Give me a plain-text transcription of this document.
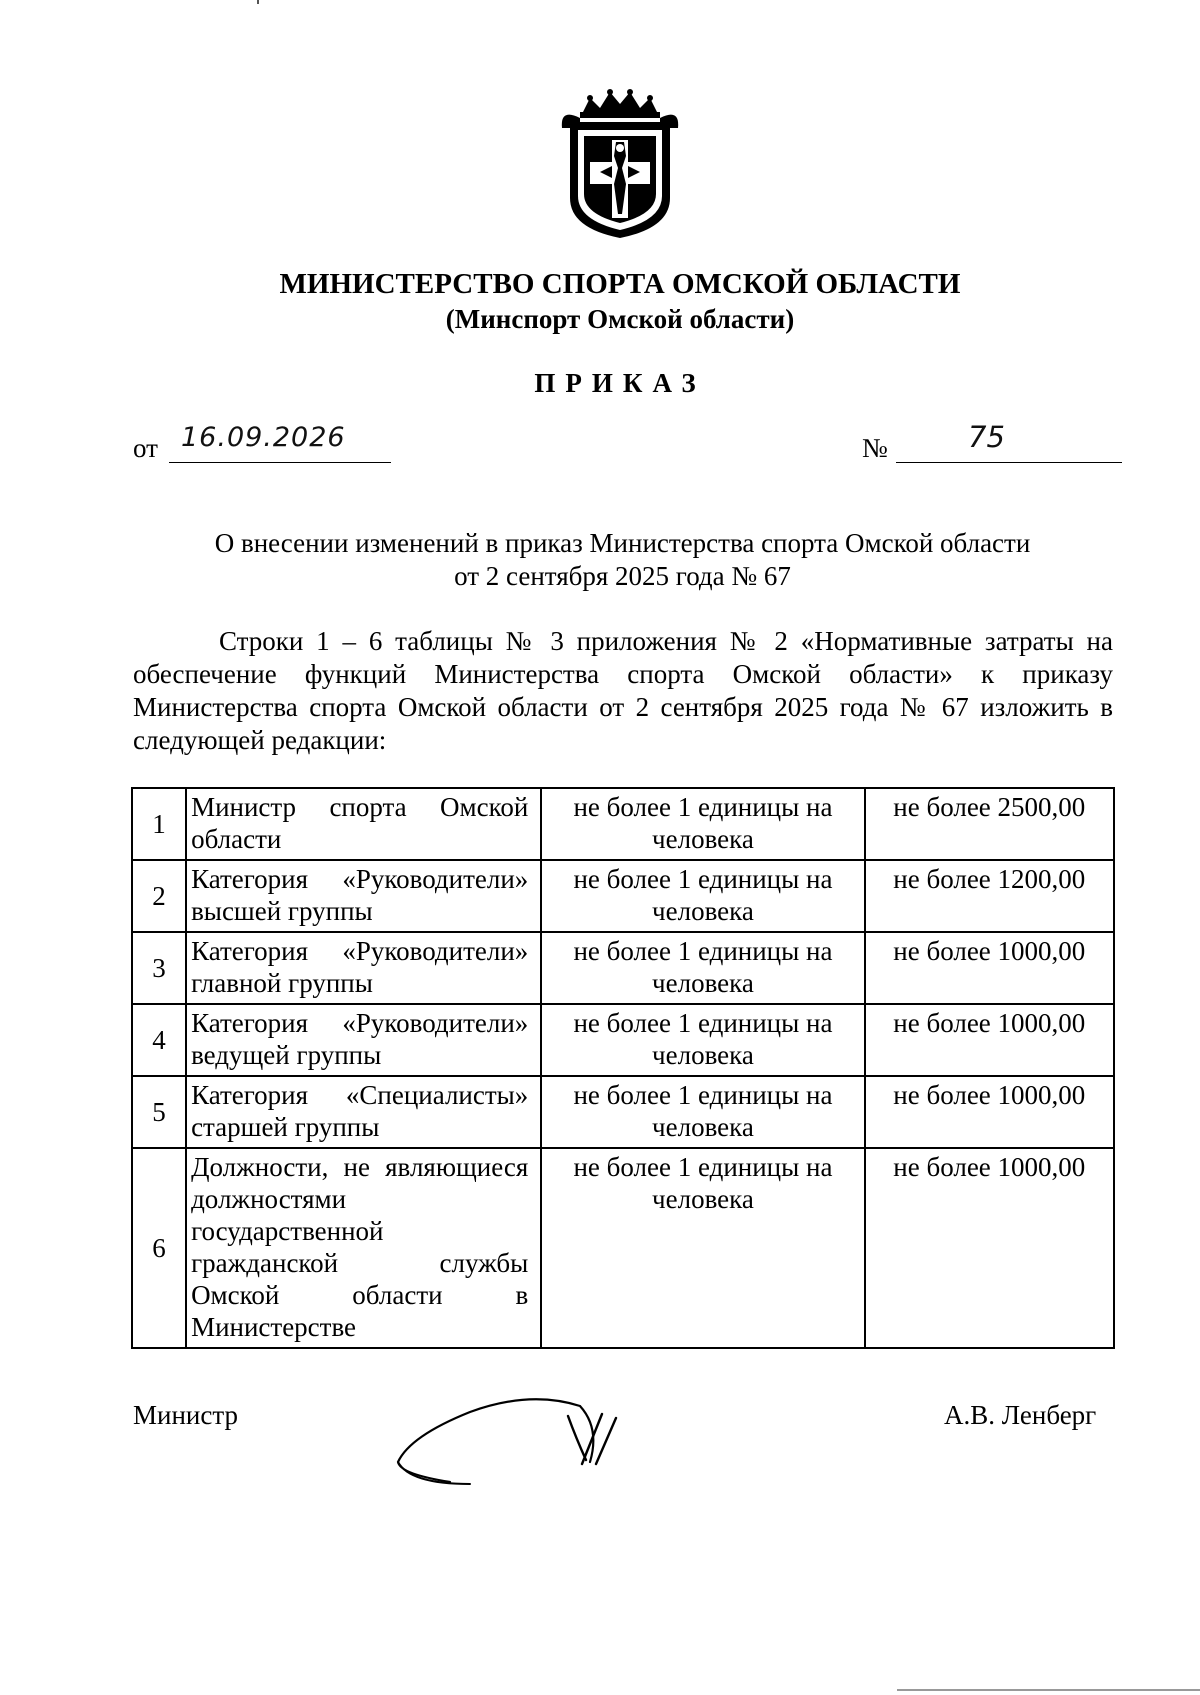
МИНИСТЕРСТВО СПОРТА ОМСКОЙ ОБЛАСТИ
(Минспорт Омской области)
ПРИКАЗ
от 16.09.2026	№	75
О внесении изменений в приказ Министерства спорта Омской области
от 2 сентября 2025 года № 67
Строки 1 – 6 таблицы № 3 приложения № 2 «Нормативные затраты на обеспечение функций Министерства спорта Омской области» к приказу Министерства спорта Омской области от 2 сентября 2025 года № 67 изложить в следующей редакции:
1	Министр спорта Омской области	не более 1 единицы на человека	не более 2500,00
2	Категория «Руководители» высшей группы	не более 1 единицы на человека	не более 1200,00
3	Категория «Руководители» главной группы	не более 1 единицы на человека	не более 1000,00
4	Категория «Руководители» ведущей группы	не более 1 единицы на человека	не более 1000,00
5	Категория «Специалисты» старшей группы	не более 1 единицы на человека	не более 1000,00
6	Должности, не являющиеся должностями государственной гражданской службы Омской области в Министерстве	не более 1 единицы на человека	не более 1000,00
Министр	А.В. Ленберг
